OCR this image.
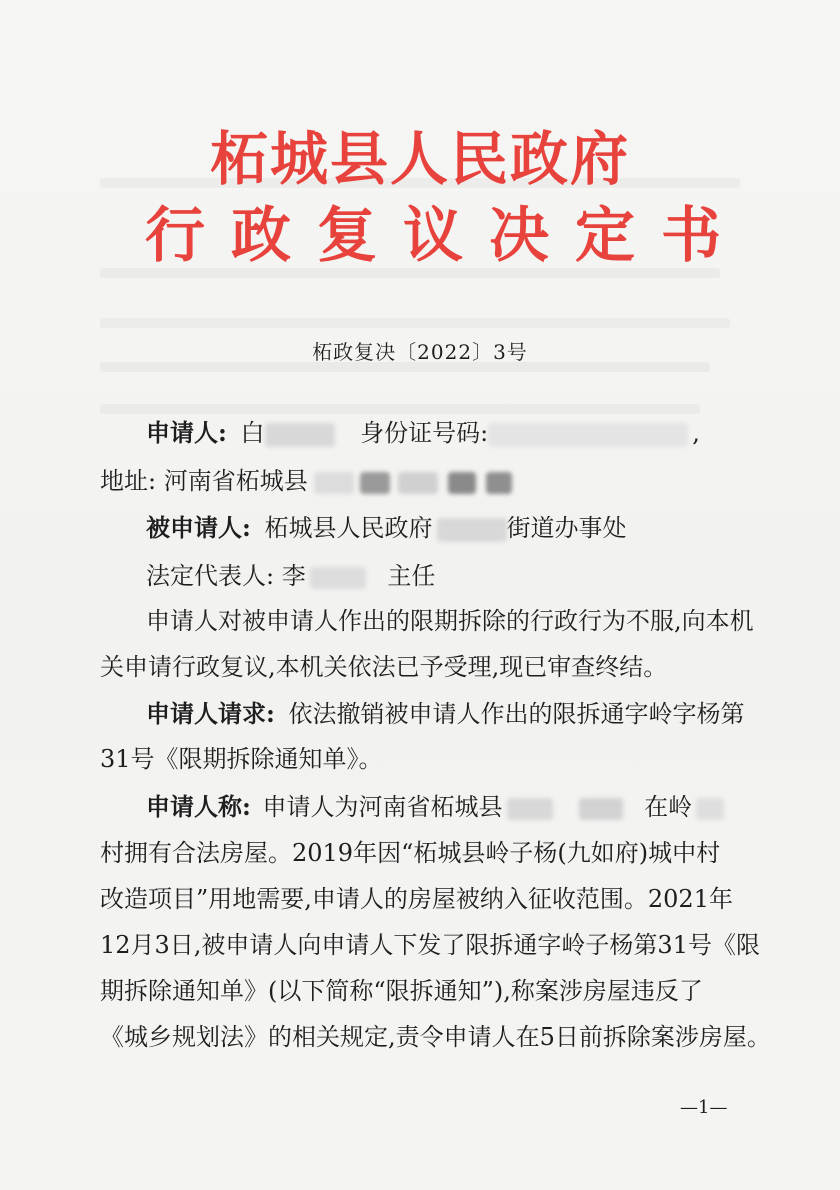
柘城县人民政府
行政复议决定书
柘政复决〔2022〕3号
申请人: 白	身份证号码:	,
地址: 河南省柘城县
被申请人: 柘城县人民政府	街道办事处
法定代表人: 李	主任
申请人对被申请人作出的限期拆除的行政行为不服,向本机
关申请行政复议,本机关依法已予受理,现已审查终结。
申请人请求: 依法撤销被申请人作出的限拆通字岭字杨第
31号《限期拆除通知单》。
申请人称: 申请人为河南省柘城县	在岭
村拥有合法房屋。2019年因“柘城县岭子杨(九如府)城中村
改造项目”用地需要,申请人的房屋被纳入征收范围。2021年
12月3日,被申请人向申请人下发了限拆通字岭子杨第31号《限
期拆除通知单》(以下简称“限拆通知”),称案涉房屋违反了
《城乡规划法》的相关规定,责令申请人在5日前拆除案涉房屋。
—1—
